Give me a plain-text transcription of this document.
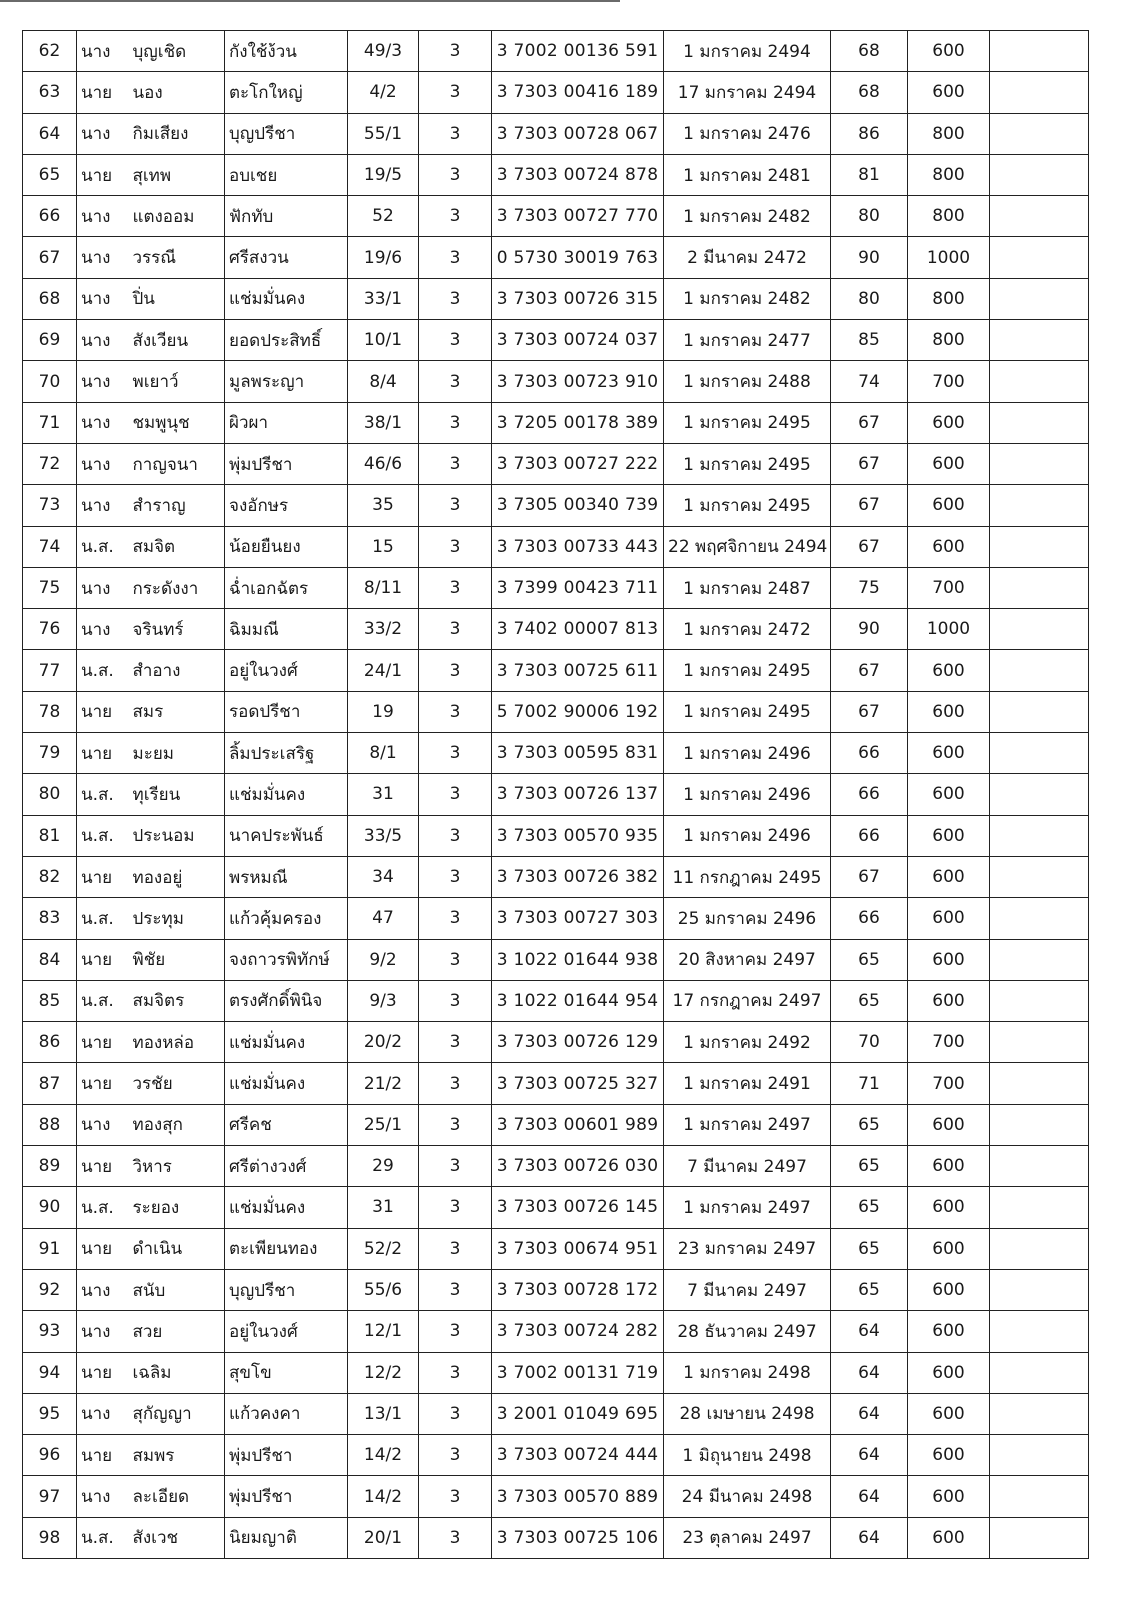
62	นาง	บุญเชิด	กังใช้ง้วน	49/3	3	3 7002 00136 591	1 มกราคม 2494	68	600	
63	นาย	นอง	ตะโกใหญ่	4/2	3	3 7303 00416 189	17 มกราคม 2494	68	600	
64	นาง	กิมเสียง	บุญปรีชา	55/1	3	3 7303 00728 067	1 มกราคม 2476	86	800	
65	นาย	สุเทพ	อบเชย	19/5	3	3 7303 00724 878	1 มกราคม 2481	81	800	
66	นาง	แตงออม	ฟักทับ	52	3	3 7303 00727 770	1 มกราคม 2482	80	800	
67	นาง	วรรณี	ศรีสงวน	19/6	3	0 5730 30019 763	2 มีนาคม 2472	90	1000	
68	นาง	ปิ่น	แช่มมั่นคง	33/1	3	3 7303 00726 315	1 มกราคม 2482	80	800	
69	นาง	สังเวียน	ยอดประสิทธิ์	10/1	3	3 7303 00724 037	1 มกราคม 2477	85	800	
70	นาง	พเยาว์	มูลพระญา	8/4	3	3 7303 00723 910	1 มกราคม 2488	74	700	
71	นาง	ชมพูนุช	ผิวผา	38/1	3	3 7205 00178 389	1 มกราคม 2495	67	600	
72	นาง	กาญจนา	พุ่มปรีชา	46/6	3	3 7303 00727 222	1 มกราคม 2495	67	600	
73	นาง	สำราญ	จงอักษร	35	3	3 7305 00340 739	1 มกราคม 2495	67	600	
74	น.ส.	สมจิต	น้อยยืนยง	15	3	3 7303 00733 443	22 พฤศจิกายน 2494	67	600	
75	นาง	กระดังงา	ฉ่ำเอกฉัตร	8/11	3	3 7399 00423 711	1 มกราคม 2487	75	700	
76	นาง	จรินทร์	ฉิมมณี	33/2	3	3 7402 00007 813	1 มกราคม 2472	90	1000	
77	น.ส.	สำอาง	อยู่ในวงศ์	24/1	3	3 7303 00725 611	1 มกราคม 2495	67	600	
78	นาย	สมร	รอดปรีชา	19	3	5 7002 90006 192	1 มกราคม 2495	67	600	
79	นาย	มะยม	ลิ้มประเสริฐ	8/1	3	3 7303 00595 831	1 มกราคม 2496	66	600	
80	น.ส.	ทุเรียน	แช่มมั่นคง	31	3	3 7303 00726 137	1 มกราคม 2496	66	600	
81	น.ส.	ประนอม	นาคประพันธ์	33/5	3	3 7303 00570 935	1 มกราคม 2496	66	600	
82	นาย	ทองอยู่	พรหมณี	34	3	3 7303 00726 382	11 กรกฎาคม 2495	67	600	
83	น.ส.	ประทุม	แก้วคุ้มครอง	47	3	3 7303 00727 303	25 มกราคม 2496	66	600	
84	นาย	พิชัย	จงถาวรพิทักษ์	9/2	3	3 1022 01644 938	20 สิงหาคม 2497	65	600	
85	น.ส.	สมจิตร	ตรงศักดิ์พินิจ	9/3	3	3 1022 01644 954	17 กรกฎาคม 2497	65	600	
86	นาย	ทองหล่อ	แช่มมั่นคง	20/2	3	3 7303 00726 129	1 มกราคม 2492	70	700	
87	นาย	วรชัย	แช่มมั่นคง	21/2	3	3 7303 00725 327	1 มกราคม 2491	71	700	
88	นาง	ทองสุก	ศรีคช	25/1	3	3 7303 00601 989	1 มกราคม 2497	65	600	
89	นาย	วิหาร	ศรีต่างวงศ์	29	3	3 7303 00726 030	7 มีนาคม 2497	65	600	
90	น.ส.	ระยอง	แช่มมั่นคง	31	3	3 7303 00726 145	1 มกราคม 2497	65	600	
91	นาย	ดำเนิน	ตะเพียนทอง	52/2	3	3 7303 00674 951	23 มกราคม 2497	65	600	
92	นาง	สนับ	บุญปรีชา	55/6	3	3 7303 00728 172	7 มีนาคม 2497	65	600	
93	นาง	สวย	อยู่ในวงศ์	12/1	3	3 7303 00724 282	28 ธันวาคม 2497	64	600	
94	นาย	เฉลิม	สุขโข	12/2	3	3 7002 00131 719	1 มกราคม 2498	64	600	
95	นาง	สุกัญญา	แก้วคงคา	13/1	3	3 2001 01049 695	28 เมษายน 2498	64	600	
96	นาย	สมพร	พุ่มปรีชา	14/2	3	3 7303 00724 444	1 มิถุนายน 2498	64	600	
97	นาง	ละเอียด	พุ่มปรีชา	14/2	3	3 7303 00570 889	24 มีนาคม 2498	64	600	
98	น.ส.	สังเวช	นิยมญาติ	20/1	3	3 7303 00725 106	23 ตุลาคม 2497	64	600	
